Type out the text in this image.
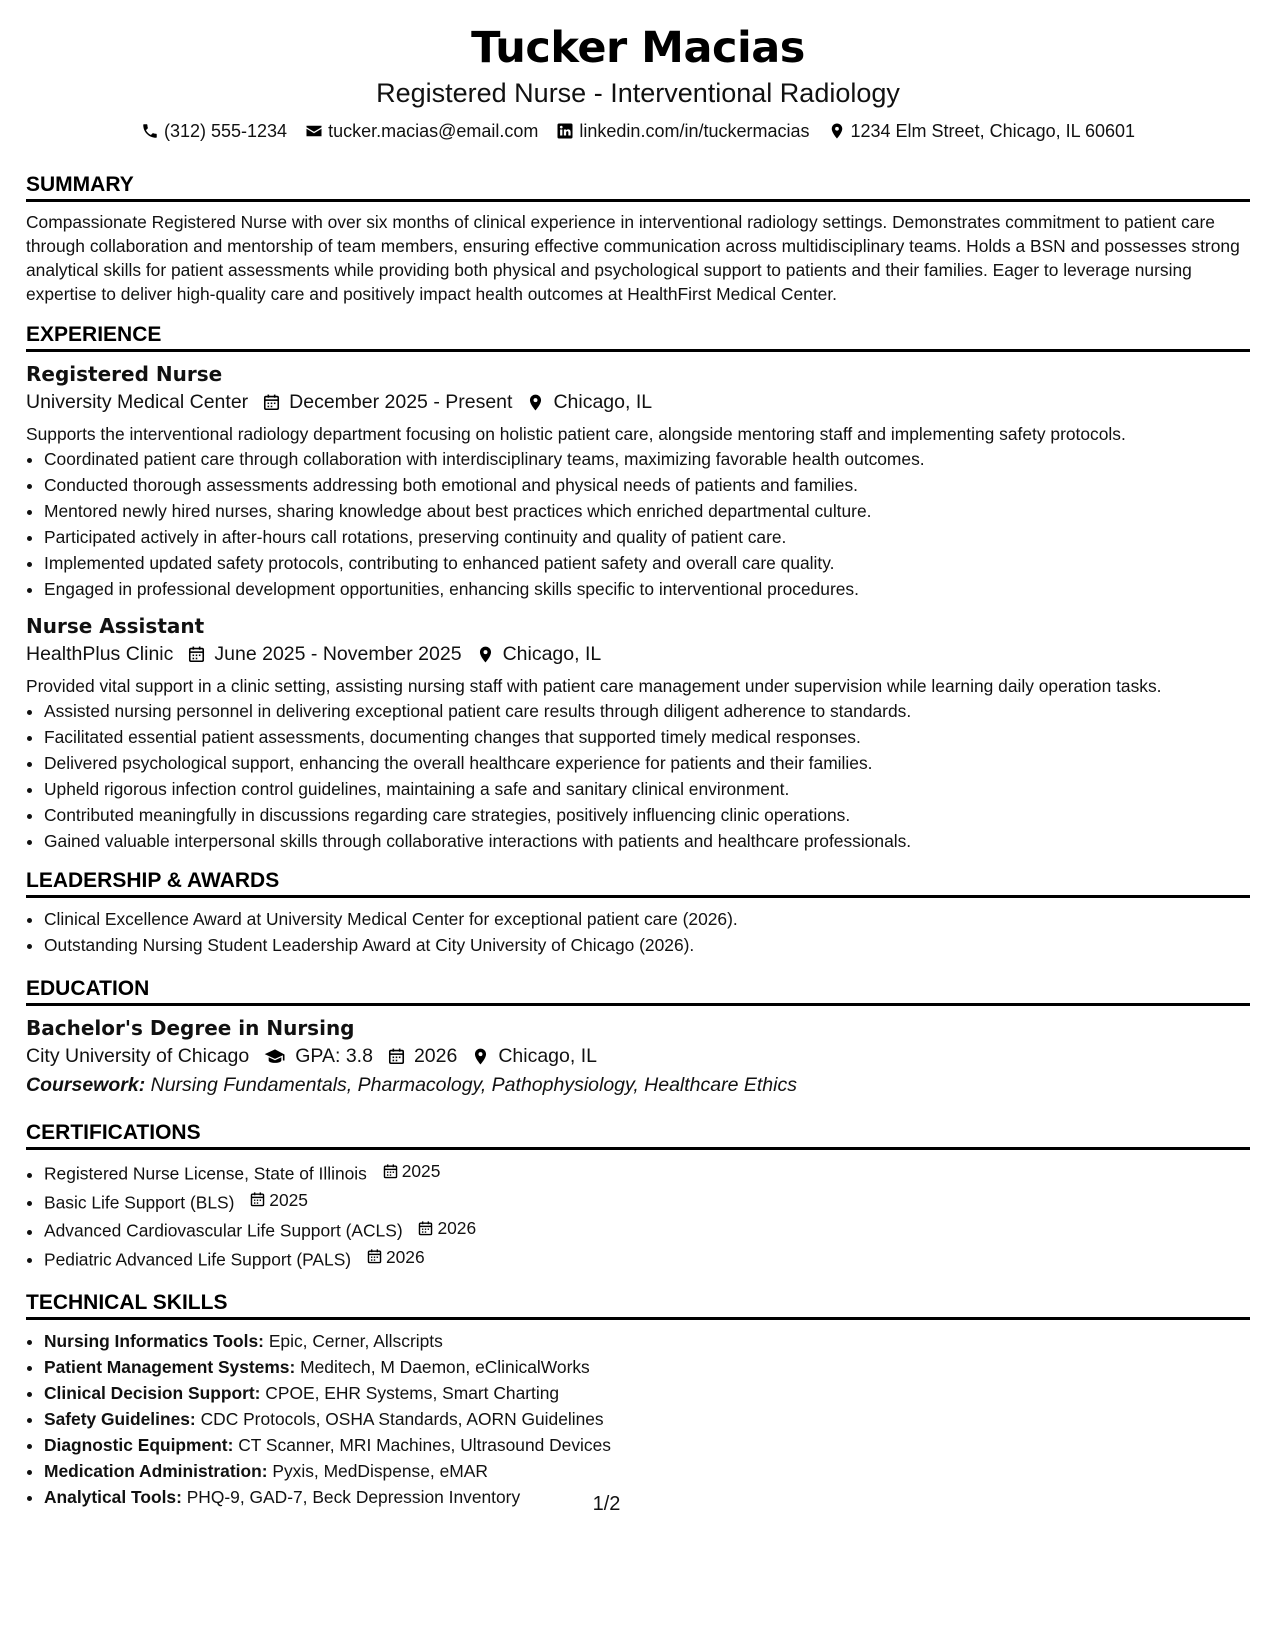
Tucker Macias
Registered Nurse - Interventional Radiology
(312) 555-1234 tucker.macias@email.com linkedin.com/in/tuckermacias 1234 Elm Street, Chicago, IL 60601
SUMMARY
Compassionate Registered Nurse with over six months of clinical experience in interventional radiology settings. Demonstrates commitment to patient care through collaboration and mentorship of team members, ensuring effective communication across multidisciplinary teams. Holds a BSN and possesses strong analytical skills for patient assessments while providing both physical and psychological support to patients and their families. Eager to leverage nursing expertise to deliver high-quality care and positively impact health outcomes at HealthFirst Medical Center.
EXPERIENCE
Registered Nurse
University Medical Center December 2025 - Present Chicago, IL
Supports the interventional radiology department focusing on holistic patient care, alongside mentoring staff and implementing safety protocols.
• Coordinated patient care through collaboration with interdisciplinary teams, maximizing favorable health outcomes.
• Conducted thorough assessments addressing both emotional and physical needs of patients and families.
• Mentored newly hired nurses, sharing knowledge about best practices which enriched departmental culture.
• Participated actively in after-hours call rotations, preserving continuity and quality of patient care.
• Implemented updated safety protocols, contributing to enhanced patient safety and overall care quality.
• Engaged in professional development opportunities, enhancing skills specific to interventional procedures.
Nurse Assistant
HealthPlus Clinic June 2025 - November 2025 Chicago, IL
Provided vital support in a clinic setting, assisting nursing staff with patient care management under supervision while learning daily operation tasks.
• Assisted nursing personnel in delivering exceptional patient care results through diligent adherence to standards.
• Facilitated essential patient assessments, documenting changes that supported timely medical responses.
• Delivered psychological support, enhancing the overall healthcare experience for patients and their families.
• Upheld rigorous infection control guidelines, maintaining a safe and sanitary clinical environment.
• Contributed meaningfully in discussions regarding care strategies, positively influencing clinic operations.
• Gained valuable interpersonal skills through collaborative interactions with patients and healthcare professionals.
LEADERSHIP & AWARDS
• Clinical Excellence Award at University Medical Center for exceptional patient care (2026).
• Outstanding Nursing Student Leadership Award at City University of Chicago (2026).
EDUCATION
Bachelor's Degree in Nursing
City University of Chicago GPA: 3.8 2026 Chicago, IL
Coursework: Nursing Fundamentals, Pharmacology, Pathophysiology, Healthcare Ethics
CERTIFICATIONS
• Registered Nurse License, State of Illinois 2025
• Basic Life Support (BLS) 2025
• Advanced Cardiovascular Life Support (ACLS) 2026
• Pediatric Advanced Life Support (PALS) 2026
TECHNICAL SKILLS
• Nursing Informatics Tools: Epic, Cerner, Allscripts
• Patient Management Systems: Meditech, M Daemon, eClinicalWorks
• Clinical Decision Support: CPOE, EHR Systems, Smart Charting
• Safety Guidelines: CDC Protocols, OSHA Standards, AORN Guidelines
• Diagnostic Equipment: CT Scanner, MRI Machines, Ultrasound Devices
• Medication Administration: Pyxis, MedDispense, eMAR
• Analytical Tools: PHQ-9, GAD-7, Beck Depression Inventory	1/2
